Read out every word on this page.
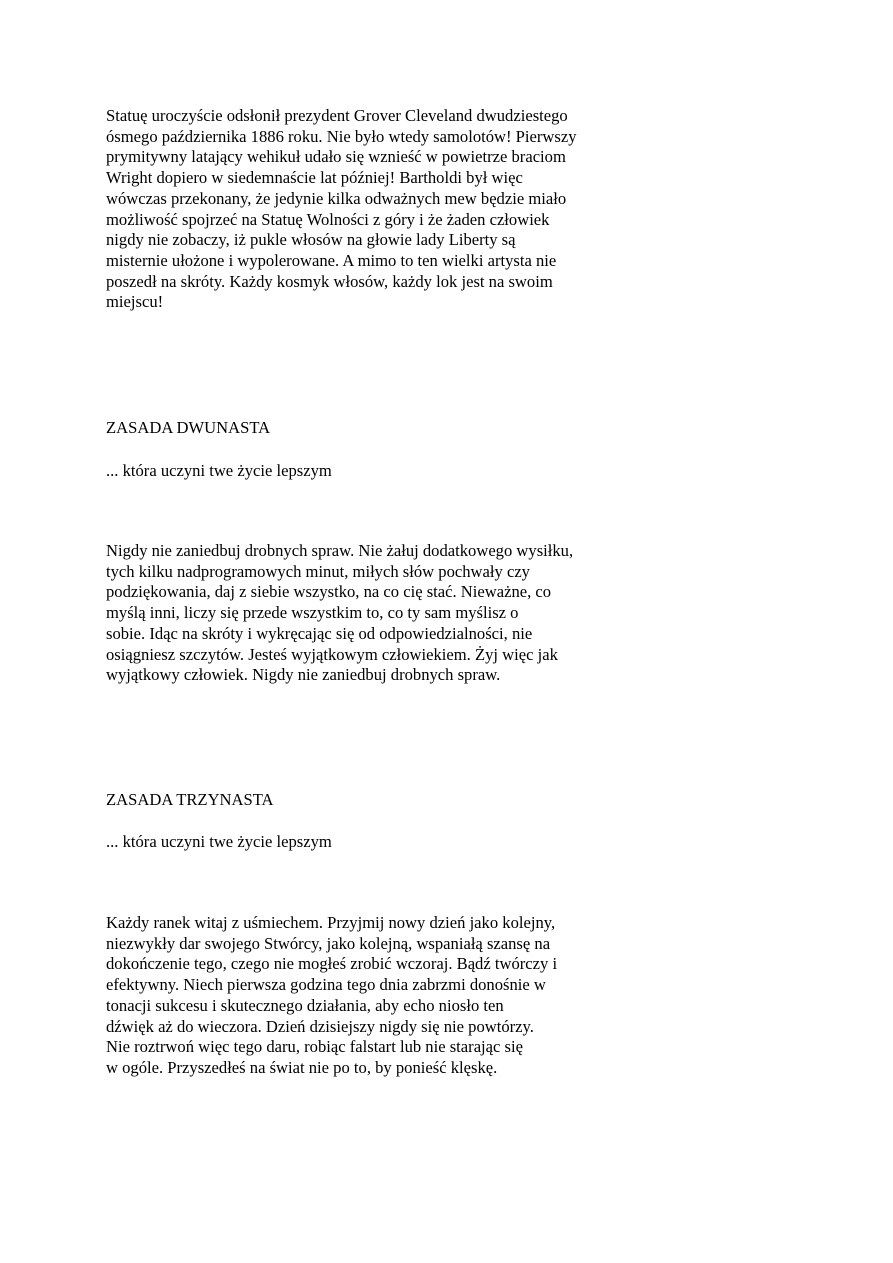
Statuę uroczyście odsłonił prezydent Grover Cleveland dwudziestego
ósmego października 1886 roku. Nie było wtedy samolotów! Pierwszy
prymitywny latający wehikuł udało się wznieść w powietrze braciom
Wright dopiero w siedemnaście lat później! Bartholdi był więc
wówczas przekonany, że jedynie kilka odważnych mew będzie miało
możliwość spojrzeć na Statuę Wolności z góry i że żaden człowiek
nigdy nie zobaczy, iż pukle włosów na głowie lady Liberty są
misternie ułożone i wypolerowane. A mimo to ten wielki artysta nie
poszedł na skróty. Każdy kosmyk włosów, każdy lok jest na swoim
miejscu!

ZASADA DWUNASTA

... która uczyni twe życie lepszym

Nigdy nie zaniedbuj drobnych spraw. Nie żałuj dodatkowego wysiłku,
tych kilku nadprogramowych minut, miłych słów pochwały czy
podziękowania, daj z siebie wszystko, na co cię stać. Nieważne, co
myślą inni, liczy się przede wszystkim to, co ty sam myślisz o
sobie. Idąc na skróty i wykręcając się od odpowiedzialności, nie
osiągniesz szczytów. Jesteś wyjątkowym człowiekiem. Żyj więc jak
wyjątkowy człowiek. Nigdy nie zaniedbuj drobnych spraw.

ZASADA TRZYNASTA

... która uczyni twe życie lepszym

Każdy ranek witaj z uśmiechem. Przyjmij nowy dzień jako kolejny,
niezwykły dar swojego Stwórcy, jako kolejną, wspaniałą szansę na
dokończenie tego, czego nie mogłeś zrobić wczoraj. Bądź twórczy i
efektywny. Niech pierwsza godzina tego dnia zabrzmi donośnie w
tonacji sukcesu i skutecznego działania, aby echo niosło ten
dźwięk aż do wieczora. Dzień dzisiejszy nigdy się nie powtórzy.
Nie roztrwoń więc tego daru, robiąc falstart lub nie starając się
w ogóle. Przyszedłeś na świat nie po to, by ponieść klęskę.
